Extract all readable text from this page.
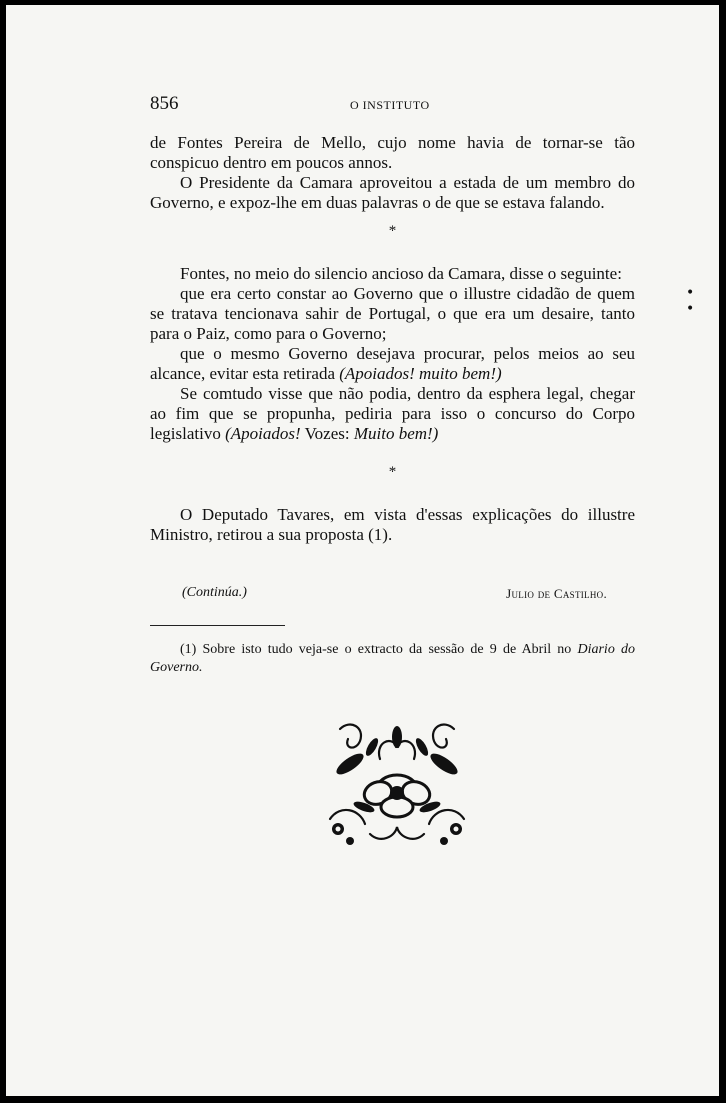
856	O INSTITUTO
• •

de Fontes Pereira de Mello, cujo nome havia de tornar-se tão conspicuo dentro em poucos annos.

O Presidente da Camara aproveitou a estada de um membro do Governo, e expoz-lhe em duas palavras o de que se estava falando.

*

Fontes, no meio do silencio ancioso da Camara, disse o seguinte:

que era certo constar ao Governo que o illustre cidadão de quem se tratava tencionava sahir de Portugal, o que era um desaire, tanto para o Paiz, como para o Governo;

que o mesmo Governo desejava procurar, pelos meios ao seu alcance, evitar esta retirada (Apoiados! muito bem!)

Se comtudo visse que não podia, dentro da esphera legal, chegar ao fim que se propunha, pediria para isso o concurso do Corpo legislativo (Apoiados! Vozes: Muito bem!)

*

O Deputado Tavares, em vista d'essas explicações do illustre Ministro, retirou a sua proposta (1).

(Continúa.)	Julio de Castilho.
(1) Sobre isto tudo veja-se o extracto da sessão de 9 de Abril no Diario do Governo.
